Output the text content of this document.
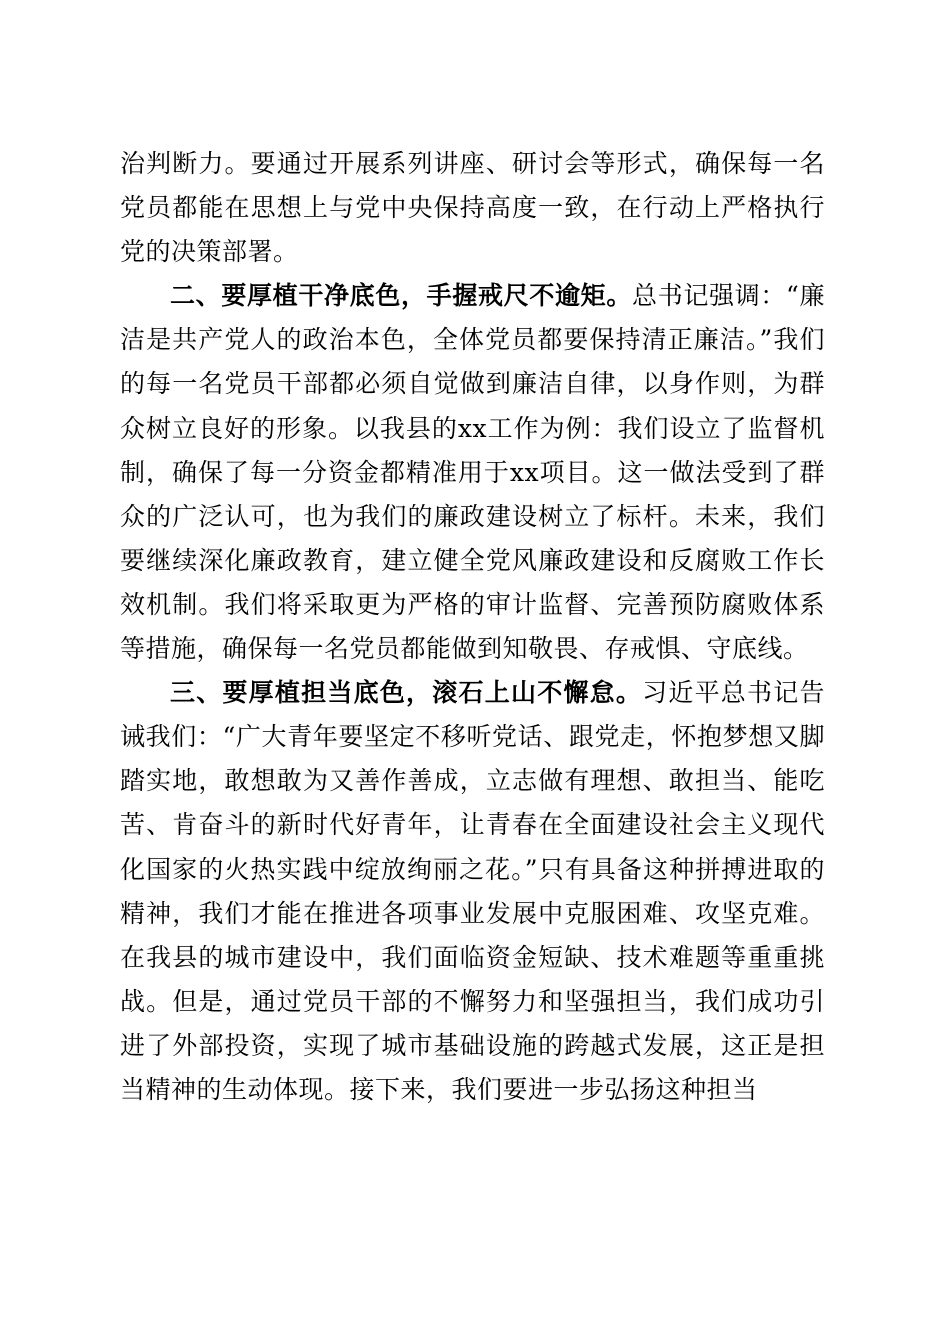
治判断力。要通过开展系列讲座、研讨会等形式，确保每一名党员都能在思想上与党中央保持高度一致，在行动上严格执行党的决策部署。

二、要厚植干净底色，手握戒尺不逾矩。总书记强调：“廉洁是共产党人的政治本色，全体党员都要保持清正廉洁。”我们的每一名党员干部都必须自觉做到廉洁自律，以身作则，为群众树立良好的形象。以我县的xx工作为例：我们设立了监督机制，确保了每一分资金都精准用于xx项目。这一做法受到了群众的广泛认可，也为我们的廉政建设树立了标杆。未来，我们要继续深化廉政教育，建立健全党风廉政建设和反腐败工作长效机制。我们将采取更为严格的审计监督、完善预防腐败体系等措施，确保每一名党员都能做到知敬畏、存戒惧、守底线。

三、要厚植担当底色，滚石上山不懈怠。习近平总书记告诫我们：“广大青年要坚定不移听党话、跟党走，怀抱梦想又脚踏实地，敢想敢为又善作善成，立志做有理想、敢担当、能吃苦、肯奋斗的新时代好青年，让青春在全面建设社会主义现代化国家的火热实践中绽放绚丽之花。”只有具备这种拼搏进取的精神，我们才能在推进各项事业发展中克服困难、攻坚克难。在我县的城市建设中，我们面临资金短缺、技术难题等重重挑战。但是，通过党员干部的不懈努力和坚强担当，我们成功引进了外部投资，实现了城市基础设施的跨越式发展，这正是担当精神的生动体现。接下来，我们要进一步弘扬这种担当
